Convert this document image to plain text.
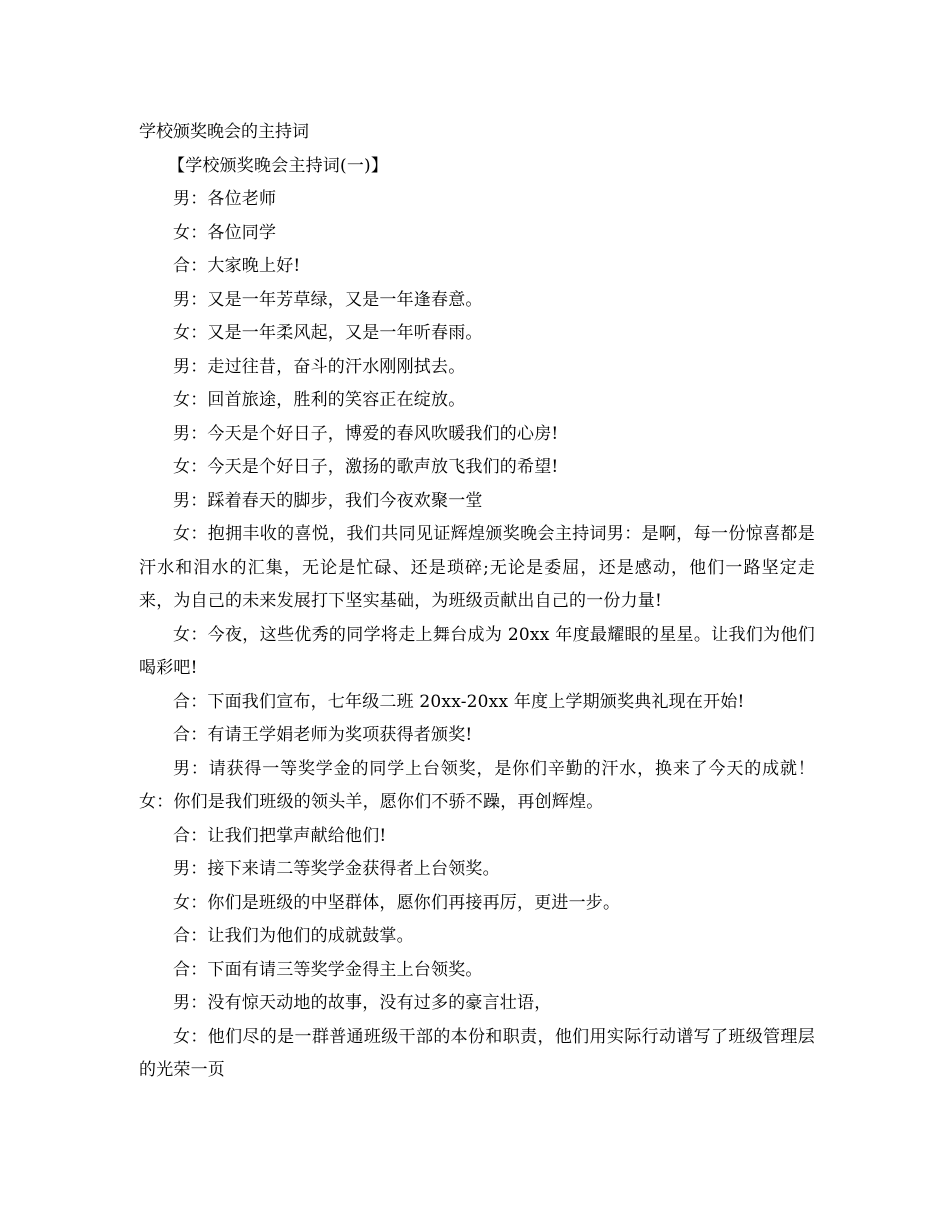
学校颁奖晚会的主持词

【学校颁奖晚会主持词(一)】

男：各位老师

女：各位同学

合：大家晚上好!

男：又是一年芳草绿，又是一年逢春意。

女：又是一年柔风起，又是一年听春雨。

男：走过往昔，奋斗的汗水刚刚拭去。

女：回首旅途，胜利的笑容正在绽放。

男：今天是个好日子，博爱的春风吹暖我们的心房!

女：今天是个好日子，激扬的歌声放飞我们的希望!

男：踩着春天的脚步，我们今夜欢聚一堂

女：抱拥丰收的喜悦，我们共同见证辉煌颁奖晚会主持词男：是啊，每一份惊喜都是汗水和泪水的汇集，无论是忙碌、还是琐碎;无论是委屈，还是感动，他们一路坚定走来，为自己的未来发展打下坚实基础，为班级贡献出自己的一份力量!

女：今夜，这些优秀的同学将走上舞台成为 20xx 年度最耀眼的星星。让我们为他们喝彩吧!

合：下面我们宣布，七年级二班 20xx-20xx 年度上学期颁奖典礼现在开始!

合：有请王学娟老师为奖项获得者颁奖!

男：请获得一等奖学金的同学上台领奖，是你们辛勤的汗水，换来了今天的成就！女：你们是我们班级的领头羊，愿你们不骄不躁，再创辉煌。

合：让我们把掌声献给他们!

男：接下来请二等奖学金获得者上台领奖。

女：你们是班级的中坚群体，愿你们再接再厉，更进一步。

合：让我们为他们的成就鼓掌。

合：下面有请三等奖学金得主上台领奖。

男：没有惊天动地的故事，没有过多的豪言壮语，

女：他们尽的是一群普通班级干部的本份和职责，他们用实际行动谱写了班级管理层的光荣一页
